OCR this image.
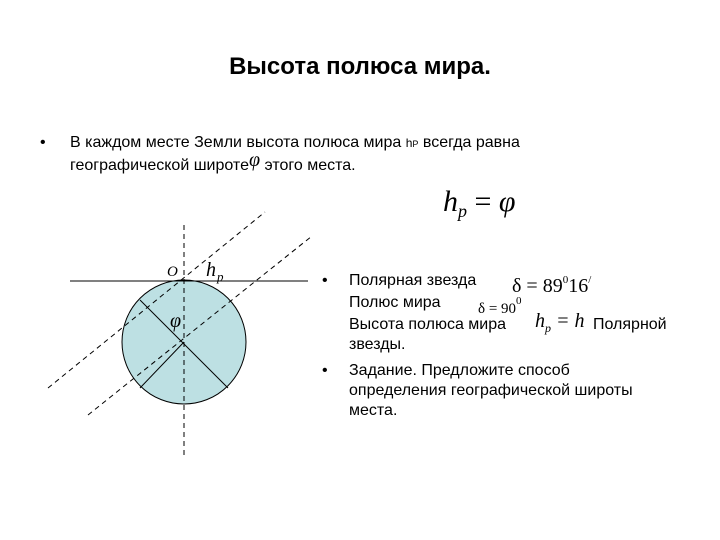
Высота полюса мира.
• В каждом месте Земли высота полюса мира hP всегда равна
географической широтеφ этого места.
$h_p = \varphi$
O h p
φ
• Полярная звезда $\delta = 89^016^/$
Полюс мира $\delta = 90^0$
Высота полюса мира $h_p = h$ Полярной
звезды.
• Задание. Предложите способ
определения географической широты
места.
